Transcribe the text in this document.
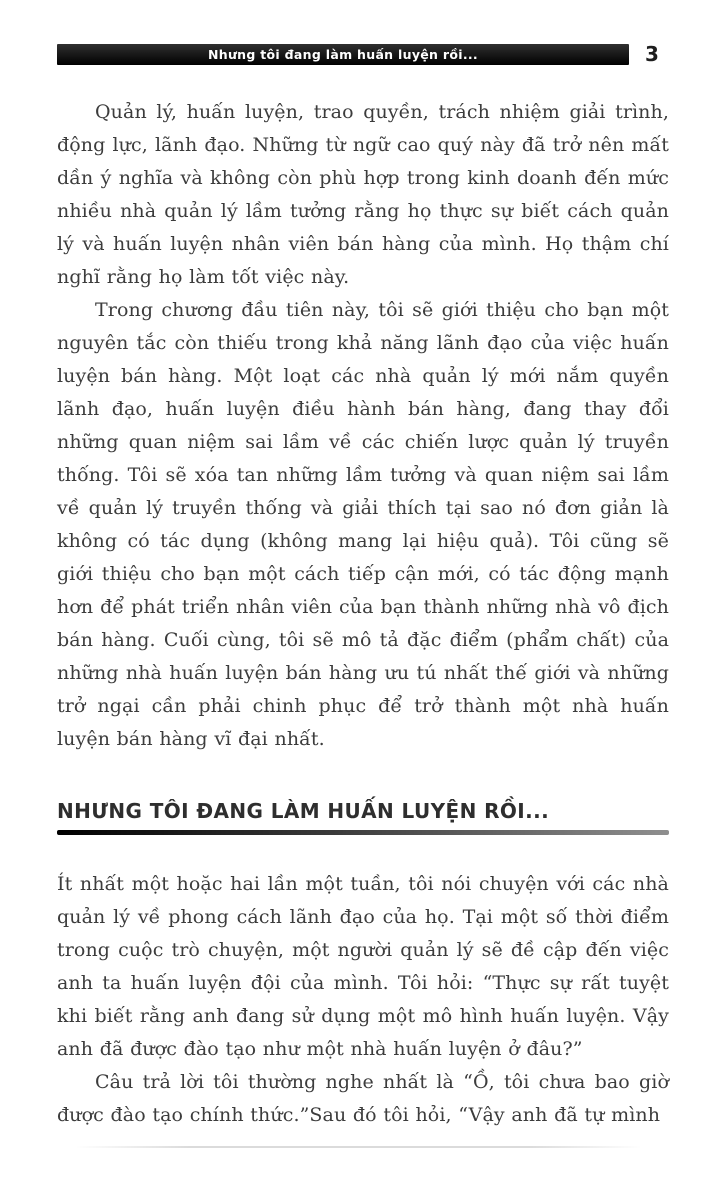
Nhưng tôi đang làm huấn luyện rồi...	3

Quản lý, huấn luyện, trao quyền, trách nhiệm giải trình, động lực, lãnh đạo. Những từ ngữ cao quý này đã trở nên mất dần ý nghĩa và không còn phù hợp trong kinh doanh đến mức nhiều nhà quản lý lầm tưởng rằng họ thực sự biết cách quản lý và huấn luyện nhân viên bán hàng của mình. Họ thậm chí nghĩ rằng họ làm tốt việc này.

Trong chương đầu tiên này, tôi sẽ giới thiệu cho bạn một nguyên tắc còn thiếu trong khả năng lãnh đạo của việc huấn luyện bán hàng. Một loạt các nhà quản lý mới nắm quyền lãnh đạo, huấn luyện điều hành bán hàng, đang thay đổi những quan niệm sai lầm về các chiến lược quản lý truyền thống. Tôi sẽ xóa tan những lầm tưởng và quan niệm sai lầm về quản lý truyền thống và giải thích tại sao nó đơn giản là không có tác dụng (không mang lại hiệu quả). Tôi cũng sẽ giới thiệu cho bạn một cách tiếp cận mới, có tác động mạnh hơn để phát triển nhân viên của bạn thành những nhà vô địch bán hàng. Cuối cùng, tôi sẽ mô tả đặc điểm (phẩm chất) của những nhà huấn luyện bán hàng ưu tú nhất thế giới và những trở ngại cần phải chinh phục để trở thành một nhà huấn luyện bán hàng vĩ đại nhất.

NHƯNG TÔI ĐANG LÀM HUẤN LUYỆN RỒI...

Ít nhất một hoặc hai lần một tuần, tôi nói chuyện với các nhà quản lý về phong cách lãnh đạo của họ. Tại một số thời điểm trong cuộc trò chuyện, một người quản lý sẽ đề cập đến việc anh ta huấn luyện đội của mình. Tôi hỏi: “Thực sự rất tuyệt khi biết rằng anh đang sử dụng một mô hình huấn luyện. Vậy anh đã được đào tạo như một nhà huấn luyện ở đâu?”

Câu trả lời tôi thường nghe nhất là “Ồ, tôi chưa bao giờ được đào tạo chính thức.”Sau đó tôi hỏi, “Vậy anh đã tự mình
